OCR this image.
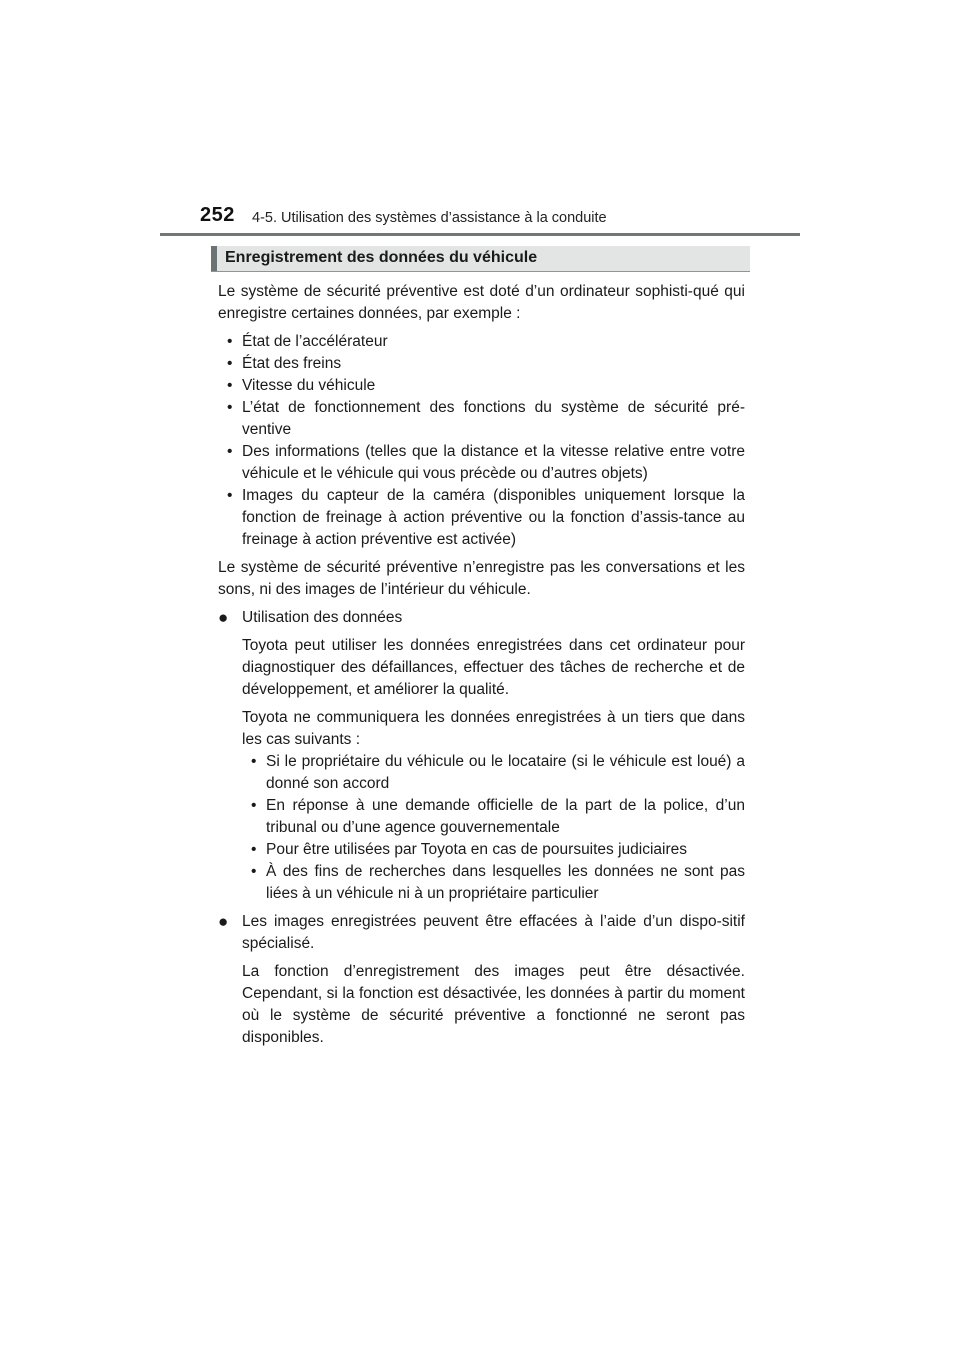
252 4-5. Utilisation des systèmes d’assistance à la conduite
Enregistrement des données du véhicule

Le système de sécurité préventive est doté d’un ordinateur sophisti-qué qui enregistre certaines données, par exemple :

• État de l’accélérateur
• État des freins
• Vitesse du véhicule
• L’état de fonctionnement des fonctions du système de sécurité pré-ventive
• Des informations (telles que la distance et la vitesse relative entre votre véhicule et le véhicule qui vous précède ou d’autres objets)
• Images du capteur de la caméra (disponibles uniquement lorsque la fonction de freinage à action préventive ou la fonction d’assis-tance au freinage à action préventive est activée)

Le système de sécurité préventive n’enregistre pas les conversations et les sons, ni des images de l’intérieur du véhicule.

● Utilisation des données

Toyota peut utiliser les données enregistrées dans cet ordinateur pour diagnostiquer des défaillances, effectuer des tâches de recherche et de développement, et améliorer la qualité.

Toyota ne communiquera les données enregistrées à un tiers que dans les cas suivants :

• Si le propriétaire du véhicule ou le locataire (si le véhicule est loué) a donné son accord
• En réponse à une demande officielle de la part de la police, d’un tribunal ou d’une agence gouvernementale
• Pour être utilisées par Toyota en cas de poursuites judiciaires
• À des fins de recherches dans lesquelles les données ne sont pas liées à un véhicule ni à un propriétaire particulier
● Les images enregistrées peuvent être effacées à l’aide d’un dispo-sitif spécialisé.

La fonction d’enregistrement des images peut être désactivée. Cependant, si la fonction est désactivée, les données à partir du moment où le système de sécurité préventive a fonctionné ne seront pas disponibles.
